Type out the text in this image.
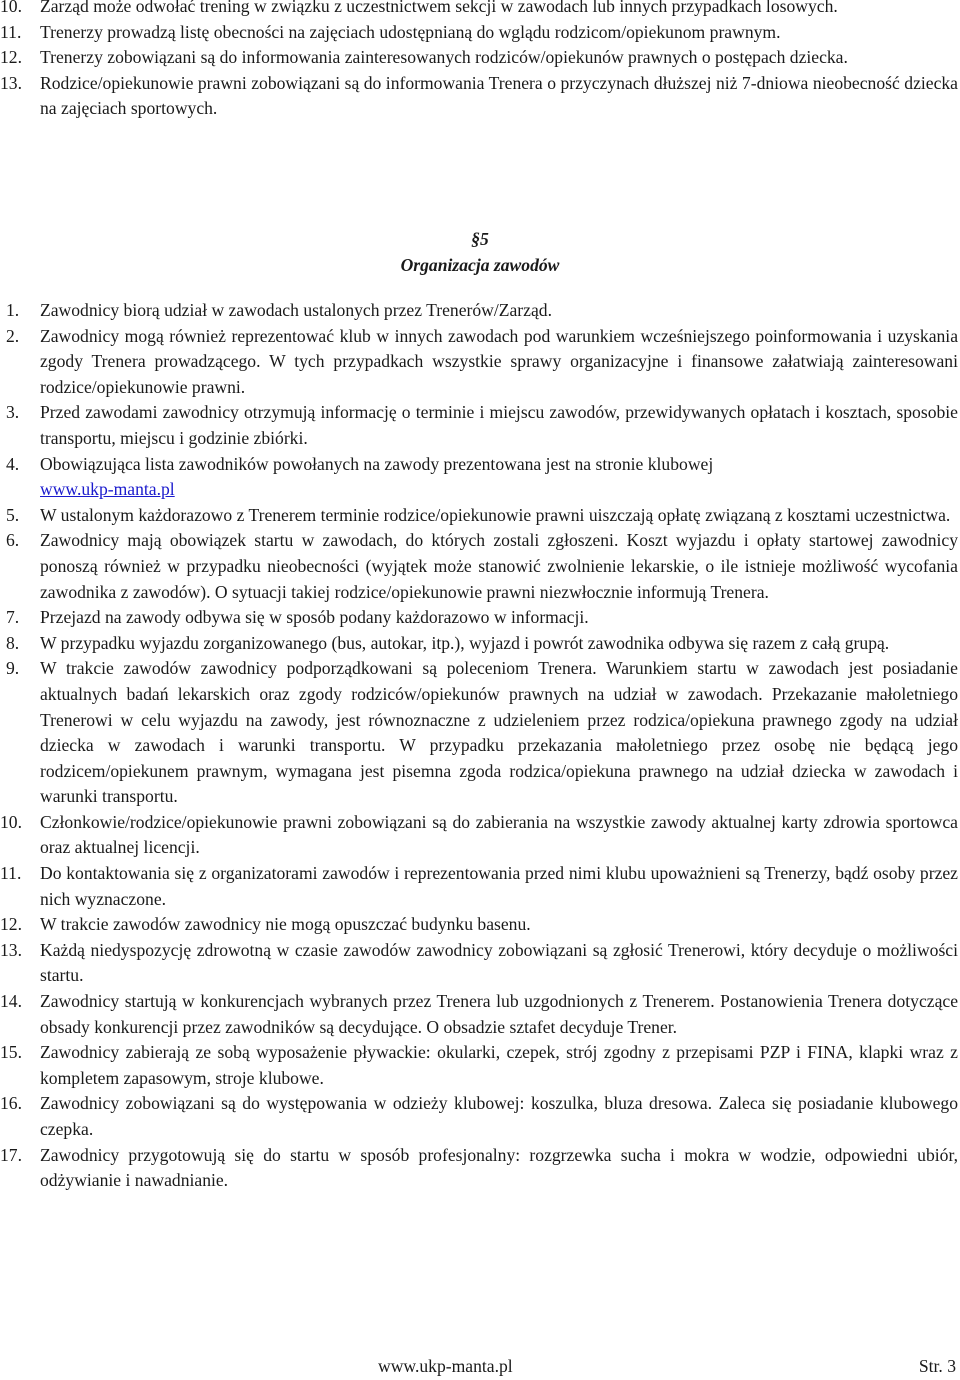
10.	Zarząd może odwołać trening w związku z uczestnictwem sekcji w zawodach lub innych przypadkach losowych.
11.	Trenerzy prowadzą listę obecności na zajęciach udostępnianą do wglądu rodzicom/opiekunom prawnym.
12.	Trenerzy zobowiązani są do informowania zainteresowanych rodziców/opiekunów prawnych o postępach dziecka.
13.	Rodzice/opiekunowie prawni zobowiązani są do informowania Trenera o przyczynach dłuższej niż 7-dniowa nieobecność dziecka na zajęciach sportowych.
§5
Organizacja zawodów
1.	Zawodnicy biorą udział w zawodach ustalonych przez Trenerów/Zarząd.
2.	Zawodnicy mogą również reprezentować klub w innych zawodach pod warunkiem wcześniejszego poinformowania i uzyskania zgody Trenera prowadzącego. W tych przypadkach wszystkie sprawy organizacyjne i finansowe załatwiają zainteresowani rodzice/opiekunowie prawni.
3.	Przed zawodami zawodnicy otrzymują informację o terminie i miejscu zawodów, przewidywanych opłatach i kosztach, sposobie transportu, miejscu i godzinie zbiórki.
4.	Obowiązująca lista zawodników powołanych na zawody prezentowana jest na stronie klubowej
www.ukp-manta.pl
5.	W ustalonym każdorazowo z Trenerem terminie rodzice/opiekunowie prawni uiszczają opłatę związaną z kosztami uczestnictwa.
6.	Zawodnicy mają obowiązek startu w zawodach, do których zostali zgłoszeni. Koszt wyjazdu i opłaty startowej zawodnicy ponoszą również w przypadku nieobecności (wyjątek może stanowić zwolnienie lekarskie, o ile istnieje możliwość wycofania zawodnika z zawodów). O sytuacji takiej rodzice/opiekunowie prawni niezwłocznie informują Trenera.
7.	Przejazd na zawody odbywa się w sposób podany każdorazowo w informacji.
8.	W przypadku wyjazdu zorganizowanego (bus, autokar, itp.), wyjazd i powrót zawodnika odbywa się razem z całą grupą.
9.	W trakcie zawodów zawodnicy podporządkowani są poleceniom Trenera. Warunkiem startu w zawodach jest posiadanie aktualnych badań lekarskich oraz zgody rodziców/opiekunów prawnych na udział w zawodach. Przekazanie małoletniego Trenerowi w celu wyjazdu na zawody, jest równoznaczne z udzieleniem przez rodzica/opiekuna prawnego zgody na udział dziecka w zawodach i warunki transportu. W przypadku przekazania małoletniego przez osobę nie będącą jego rodzicem/opiekunem prawnym, wymagana jest pisemna zgoda rodzica/opiekuna prawnego na udział dziecka w zawodach i warunki transportu.
10.	Członkowie/rodzice/opiekunowie prawni zobowiązani są do zabierania na wszystkie zawody aktualnej karty zdrowia sportowca oraz aktualnej licencji.
11.	Do kontaktowania się z organizatorami zawodów i reprezentowania przed nimi klubu upoważnieni są Trenerzy, bądź osoby przez nich wyznaczone.
12.	W trakcie zawodów zawodnicy nie mogą opuszczać budynku basenu.
13.	Każdą niedyspozycję zdrowotną w czasie zawodów zawodnicy zobowiązani są zgłosić Trenerowi, który decyduje o możliwości startu.
14.	Zawodnicy startują w konkurencjach wybranych przez Trenera lub uzgodnionych z Trenerem. Postanowienia Trenera dotyczące obsady konkurencji przez zawodników są decydujące. O obsadzie sztafet decyduje Trener.
15.	Zawodnicy zabierają ze sobą wyposażenie pływackie: okularki, czepek, strój zgodny z przepisami PZP i FINA, klapki wraz z kompletem zapasowym, stroje klubowe.
16.	Zawodnicy zobowiązani są do występowania w odzieży klubowej: koszulka, bluza dresowa. Zaleca się posiadanie klubowego czepka.
17.	Zawodnicy przygotowują się do startu w sposób profesjonalny: rozgrzewka sucha i mokra w wodzie, odpowiedni ubiór, odżywianie i nawadnianie.
www.ukp-manta.pl	Str. 3
